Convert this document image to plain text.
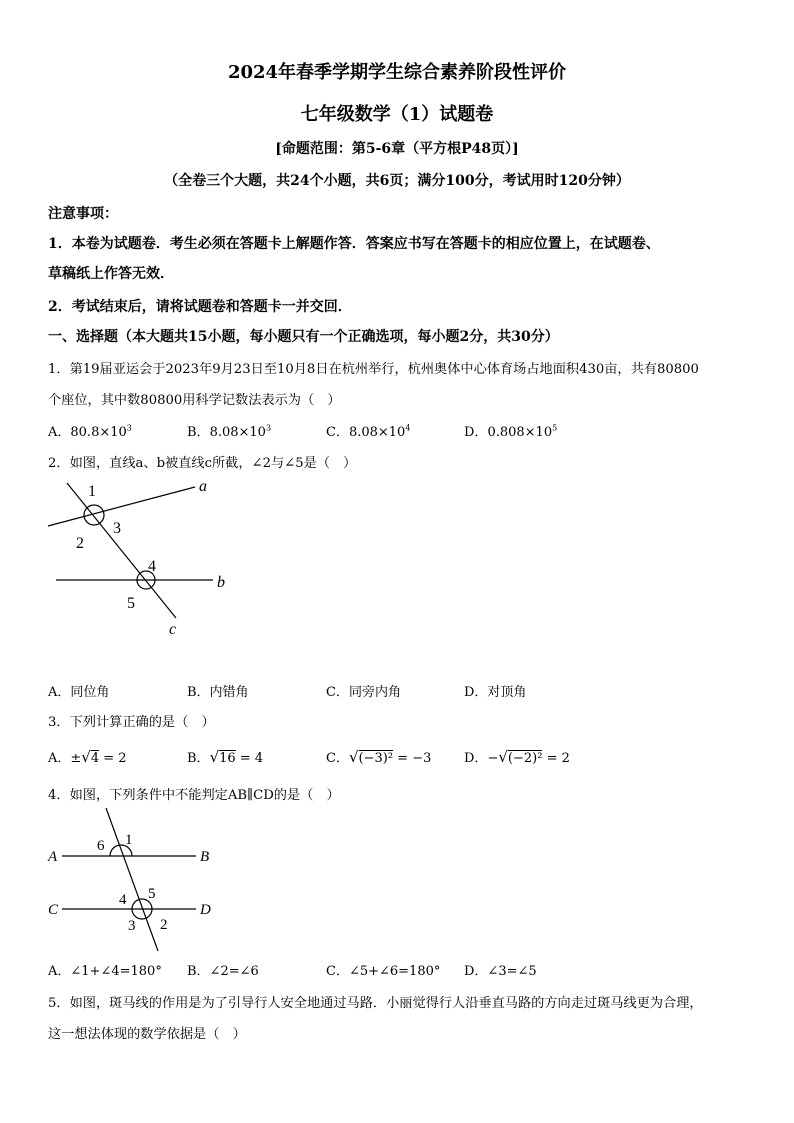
2024年春季学期学生综合素养阶段性评价
七年级数学（1）试题卷
[命题范围：第5-6章（平方根P48页）]
（全卷三个大题，共24个小题，共6页；满分100分，考试用时120分钟）
注意事项：
1．本卷为试题卷．考生必须在答题卡上解题作答．答案应书写在答题卡的相应位置上，在试题卷、
草稿纸上作答无效．
2．考试结束后，请将试题卷和答题卡一并交回．
一、选择题（本大题共15小题，每小题只有一个正确选项，每小题2分，共30分）
1．第19届亚运会于2023年9月23日至10月8日在杭州举行，杭州奥体中心体育场占地面积430亩，共有80800
个座位，其中数80800用科学记数法表示为（　）
A．$80.8\times 10^3$	B．$8.08\times 10^3$	C．$8.08\times 10^4$	D．$0.808\times 10^5$
2．如图，直线a、b被直线c所截，∠2与∠5是（　）
1
2
3
4
5
a
b
c
A．同位角	B．内错角	C．同旁内角	D．对顶角
3．下列计算正确的是（　）
A．±√4 = 2	B．√16 = 4	C．√(−3)² = −3	D．−√(−2)² = 2
4．如图，下列条件中不能判定AB∥CD的是（　）
1
6
4 5
3 2
A	B
C	D
A．∠1+∠4=180° B．∠2=∠6	C．∠5+∠6=180° D．∠3=∠5
5．如图，斑马线的作用是为了引导行人安全地通过马路．小丽觉得行人沿垂直马路的方向走过斑马线更为合理，
这一想法体现的数学依据是（　）
